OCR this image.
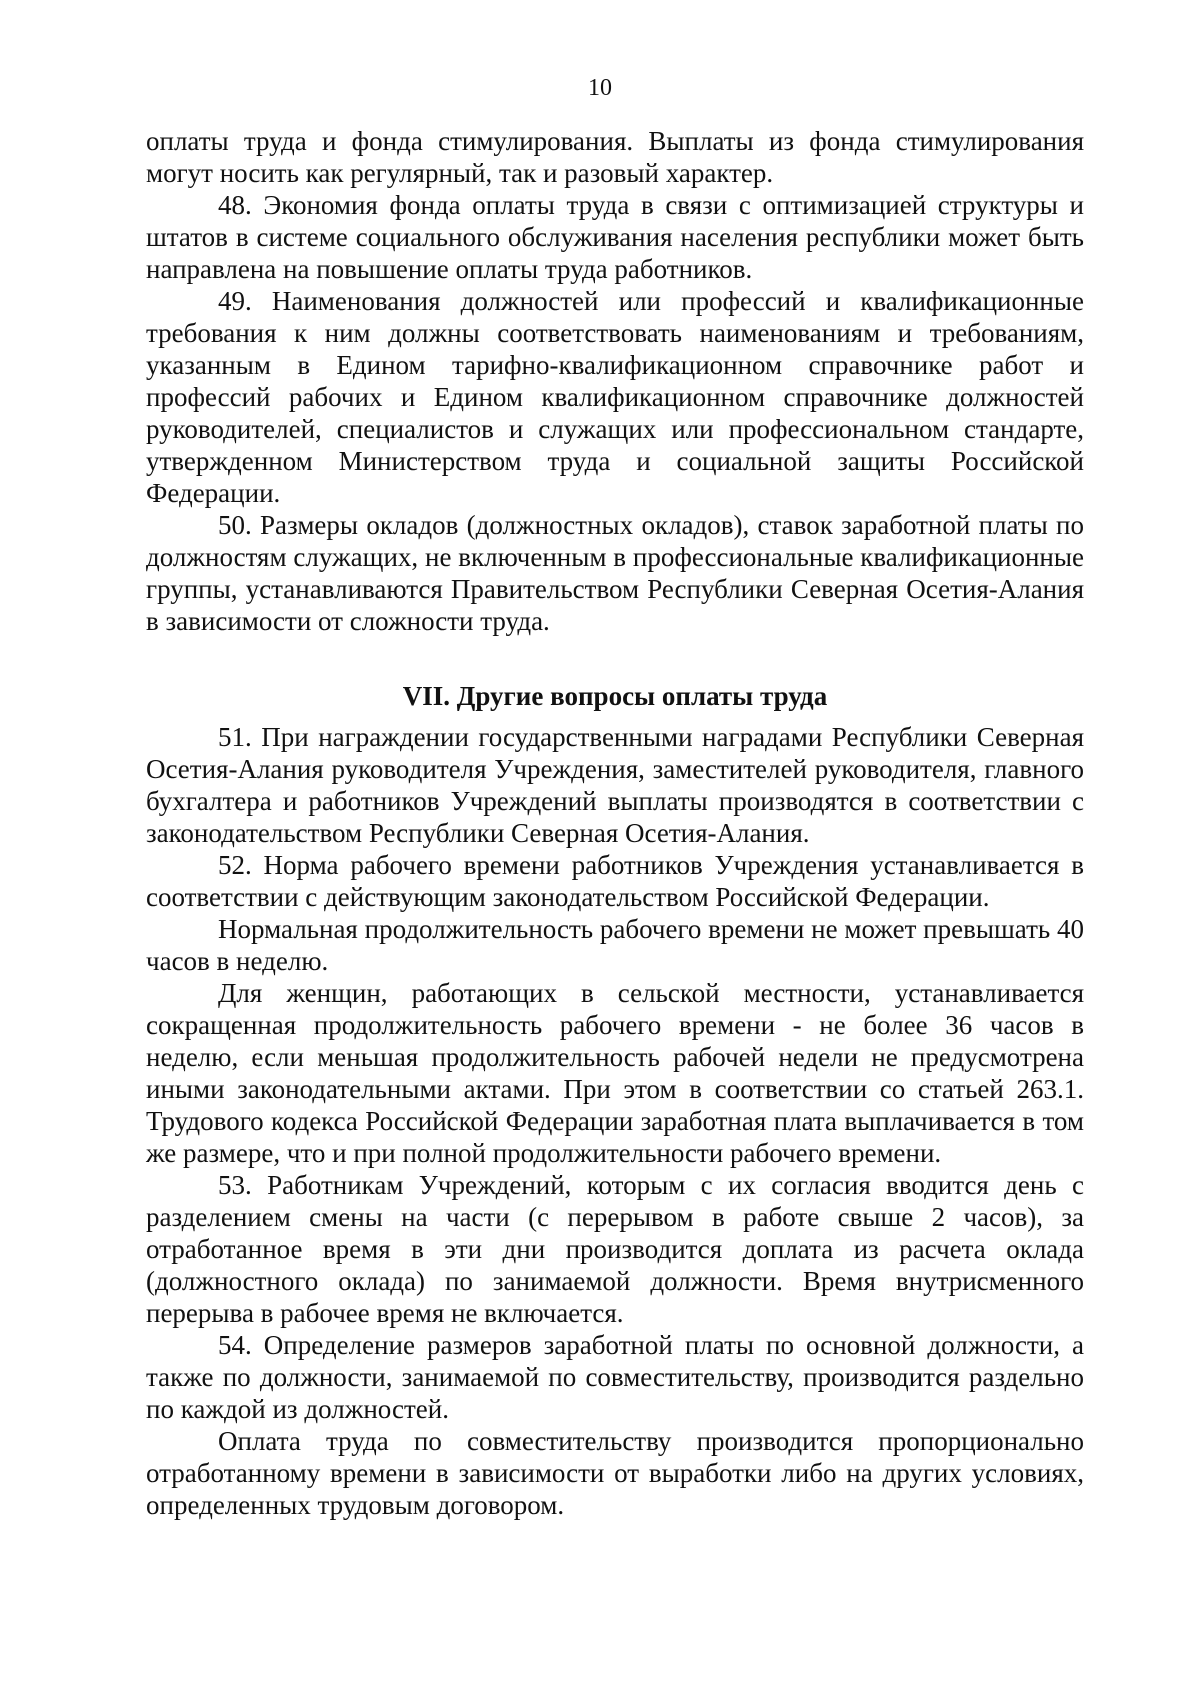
10

оплаты труда и фонда стимулирования. Выплаты из фонда стимулирования могут носить как регулярный, так и разовый характер.

48. Экономия фонда оплаты труда в связи с оптимизацией структуры и штатов в системе социального обслуживания населения республики может быть направлена на повышение оплаты труда работников.

49. Наименования должностей или профессий и квалификационные требования к ним должны соответствовать наименованиям и требованиям, указанным в Едином тарифно-квалификационном справочнике работ и профессий рабочих и Едином квалификационном справочнике должностей руководителей, специалистов и служащих или профессиональном стандарте, утвержденном Министерством труда и социальной защиты Российской Федерации.

50. Размеры окладов (должностных окладов), ставок заработной платы по должностям служащих, не включенным в профессиональные квалификационные группы, устанавливаются Правительством Республики Северная Осетия-Алания в зависимости от сложности труда.

VII. Другие вопросы оплаты труда

51. При награждении государственными наградами Республики Северная Осетия-Алания руководителя Учреждения, заместителей руководителя, главного бухгалтера и работников Учреждений выплаты производятся в соответствии с законодательством Республики Северная Осетия-Алания.

52. Норма рабочего времени работников Учреждения устанавливается в соответствии с действующим законодательством Российской Федерации.

Нормальная продолжительность рабочего времени не может превышать 40 часов в неделю.

Для женщин, работающих в сельской местности, устанавливается сокращенная продолжительность рабочего времени - не более 36 часов в неделю, если меньшая продолжительность рабочей недели не предусмотрена иными законодательными актами. При этом в соответствии со статьей 263.1. Трудового кодекса Российской Федерации заработная плата выплачивается в том же размере, что и при полной продолжительности рабочего времени.

53. Работникам Учреждений, которым с их согласия вводится день с разделением смены на части (с перерывом в работе свыше 2 часов), за отработанное время в эти дни производится доплата из расчета оклада (должностного оклада) по занимаемой должности. Время внутрисменного перерыва в рабочее время не включается.

54. Определение размеров заработной платы по основной должности, а также по должности, занимаемой по совместительству, производится раздельно по каждой из должностей.

Оплата труда по совместительству производится пропорционально отработанному времени в зависимости от выработки либо на других условиях, определенных трудовым договором.
